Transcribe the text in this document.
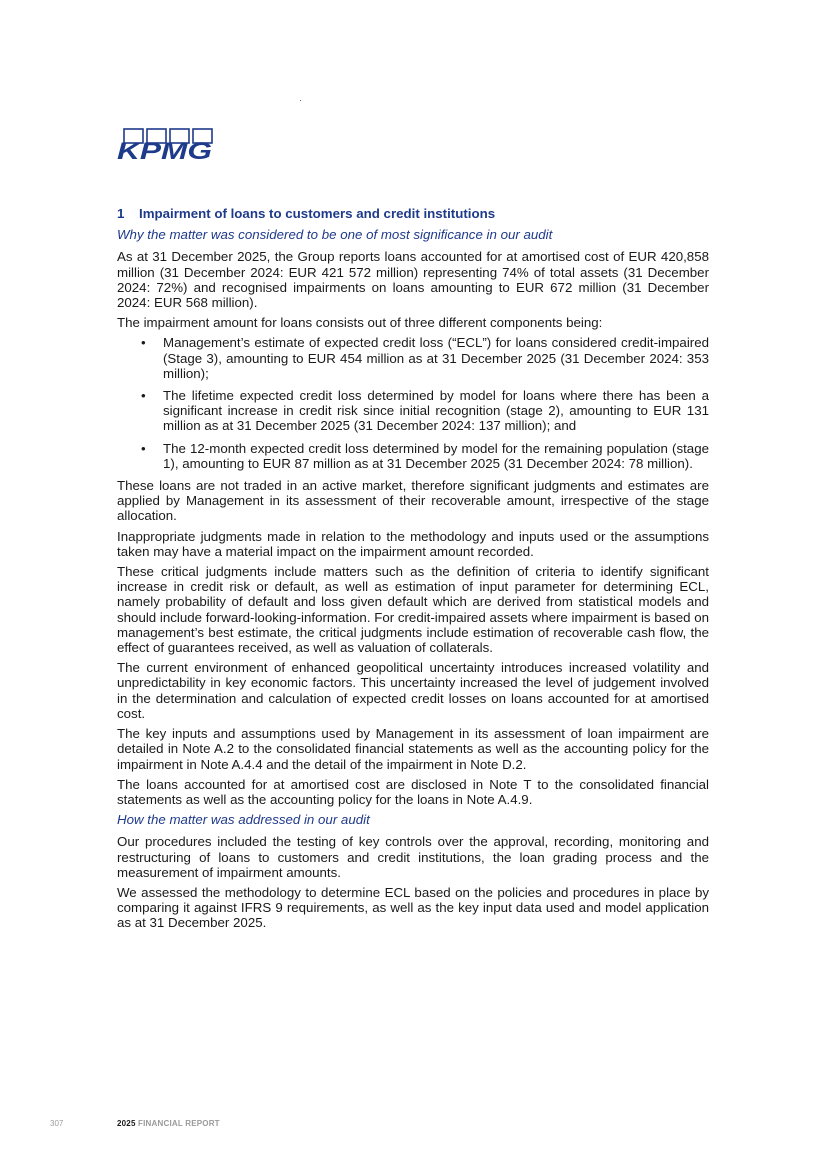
KPMG
1 Impairment of loans to customers and credit institutions
Why the matter was considered to be one of most significance in our audit

As at 31 December 2025, the Group reports loans accounted for at amortised cost of EUR 420,858 million (31 December 2024: EUR 421 572 million) representing 74% of total assets (31 December 2024: 72%) and recognised impairments on loans amounting to EUR 672 million (31 December 2024: EUR 568 million).

The impairment amount for loans consists out of three different components being:

• Management’s estimate of expected credit loss (“ECL”) for loans considered credit-impaired (Stage 3), amounting to EUR 454 million as at 31 December 2025 (31 December 2024: 353 million);
• The lifetime expected credit loss determined by model for loans where there has been a significant increase in credit risk since initial recognition (stage 2), amounting to EUR 131 million as at 31 December 2025 (31 December 2024: 137 million); and
• The 12-month expected credit loss determined by model for the remaining population (stage 1), amounting to EUR 87 million as at 31 December 2025 (31 December 2024: 78 million).

These loans are not traded in an active market, therefore significant judgments and estimates are applied by Management in its assessment of their recoverable amount, irrespective of the stage allocation.

Inappropriate judgments made in relation to the methodology and inputs used or the assumptions taken may have a material impact on the impairment amount recorded.

These critical judgments include matters such as the definition of criteria to identify significant increase in credit risk or default, as well as estimation of input parameter for determining ECL, namely probability of default and loss given default which are derived from statistical models and should include forward-looking-information. For credit-impaired assets where impairment is based on management’s best estimate, the critical judgments include estimation of recoverable cash flow, the effect of guarantees received, as well as valuation of collaterals.

The current environment of enhanced geopolitical uncertainty introduces increased volatility and unpredictability in key economic factors. This uncertainty increased the level of judgement involved in the determination and calculation of expected credit losses on loans accounted for at amortised cost.

The key inputs and assumptions used by Management in its assessment of loan impairment are detailed in Note A.2 to the consolidated financial statements as well as the accounting policy for the impairment in Note A.4.4 and the detail of the impairment in Note D.2.

The loans accounted for at amortised cost are disclosed in Note T to the consolidated financial statements as well as the accounting policy for the loans in Note A.4.9.

How the matter was addressed in our audit

Our procedures included the testing of key controls over the approval, recording, monitoring and restructuring of loans to customers and credit institutions, the loan grading process and the measurement of impairment amounts.

We assessed the methodology to determine ECL based on the policies and procedures in place by comparing it against IFRS 9 requirements, as well as the key input data used and model application as at 31 December 2025.

307	2025 FINANCIAL REPORT
